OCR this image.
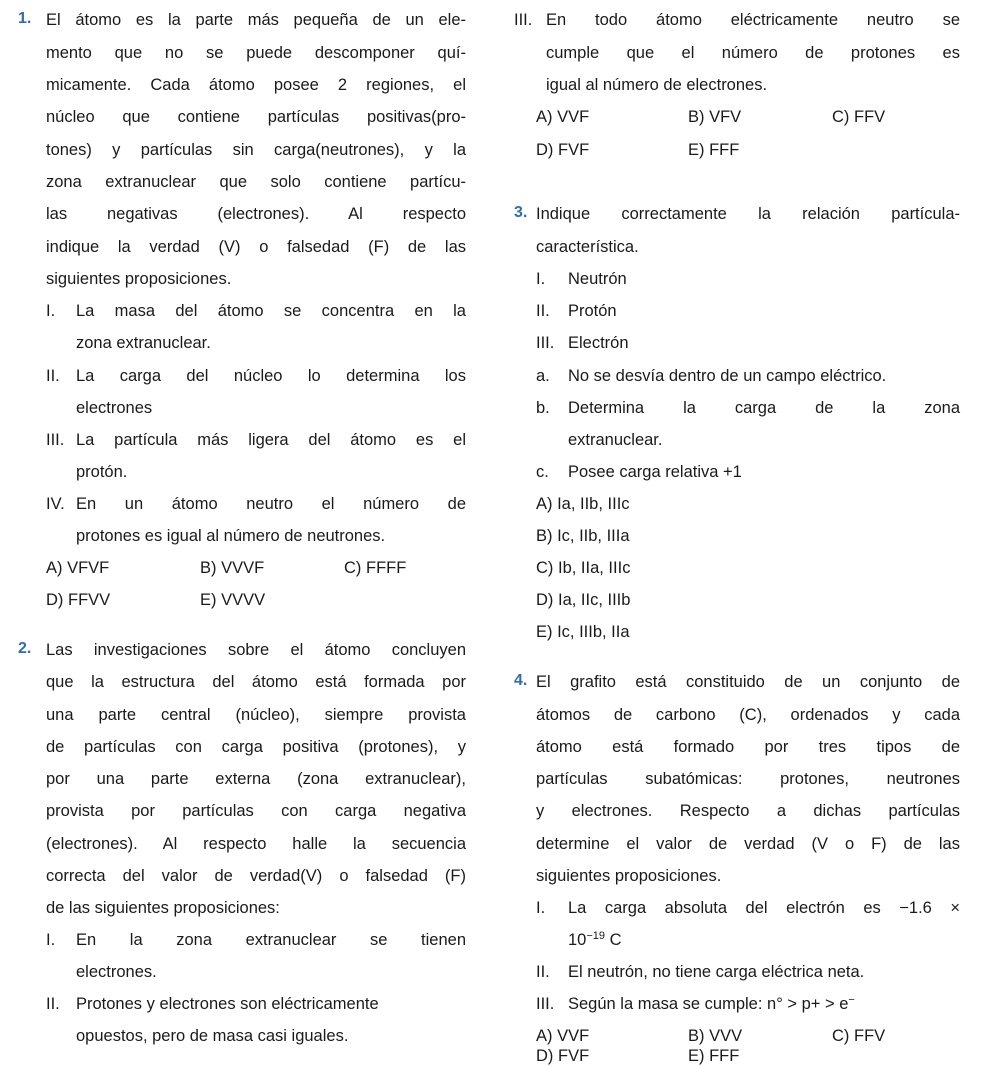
1. El átomo es la parte más pequeña de un ele-
mento que no se puede descomponer quí-
micamente. Cada átomo posee 2 regiones, el
núcleo que contiene partículas positivas(pro-
tones) y partículas sin carga(neutrones), y la
zona extranuclear que solo contiene partícu-
las negativas (electrones). Al respecto
indique la verdad (V) o falsedad (F) de las
siguientes proposiciones.
I. La masa del átomo se concentra en la
zona extranuclear.
II. La carga del núcleo lo determina los
electrones
III. La partícula más ligera del átomo es el
protón.
IV. En un átomo neutro el número de
protones es igual al número de neutrones.
A) VFVF	B) VVVF	C) FFFF
D) FFVV	E) VVVV
2. Las investigaciones sobre el átomo concluyen
que la estructura del átomo está formada por
una parte central (núcleo), siempre provista
de partículas con carga positiva (protones), y
por una parte externa (zona extranuclear),
provista por partículas con carga negativa
(electrones). Al respecto halle la secuencia
correcta del valor de verdad(V) o falsedad (F)
de las siguientes proposiciones:
I. En la zona extranuclear se tienen
electrones.
II. Protones y electrones son eléctricamente
opuestos, pero de masa casi iguales.
III. En todo átomo eléctricamente neutro se
cumple que el número de protones es
igual al número de electrones.
A) VVF	B) VFV	C) FFV
D) FVF	E) FFF
3. Indique correctamente la relación partícula-
característica.
I. Neutrón
II. Protón
III. Electrón
a. No se desvía dentro de un campo eléctrico.
b. Determina la carga de la zona
extranuclear.
c. Posee carga relativa +1
A) Ia, IIb, IIIc
B) Ic, IIb, IIIa
C) Ib, IIa, IIIc
D) Ia, IIc, IIIb
E) Ic, IIIb, IIa
4. El grafito está constituido de un conjunto de
átomos de carbono (C), ordenados y cada
átomo está formado por tres tipos de
partículas subatómicas: protones, neutrones
y electrones. Respecto a dichas partículas
determine el valor de verdad (V o F) de las
siguientes proposiciones.
I. La carga absoluta del electrón es −1.6 ×
$10^{-19}$ C
II. El neutrón, no tiene carga eléctrica neta.
III. Según la masa se cumple: n° > p+ > e−
A) VVF	B) VVV	C) FFV
D) FVF	E) FFF
